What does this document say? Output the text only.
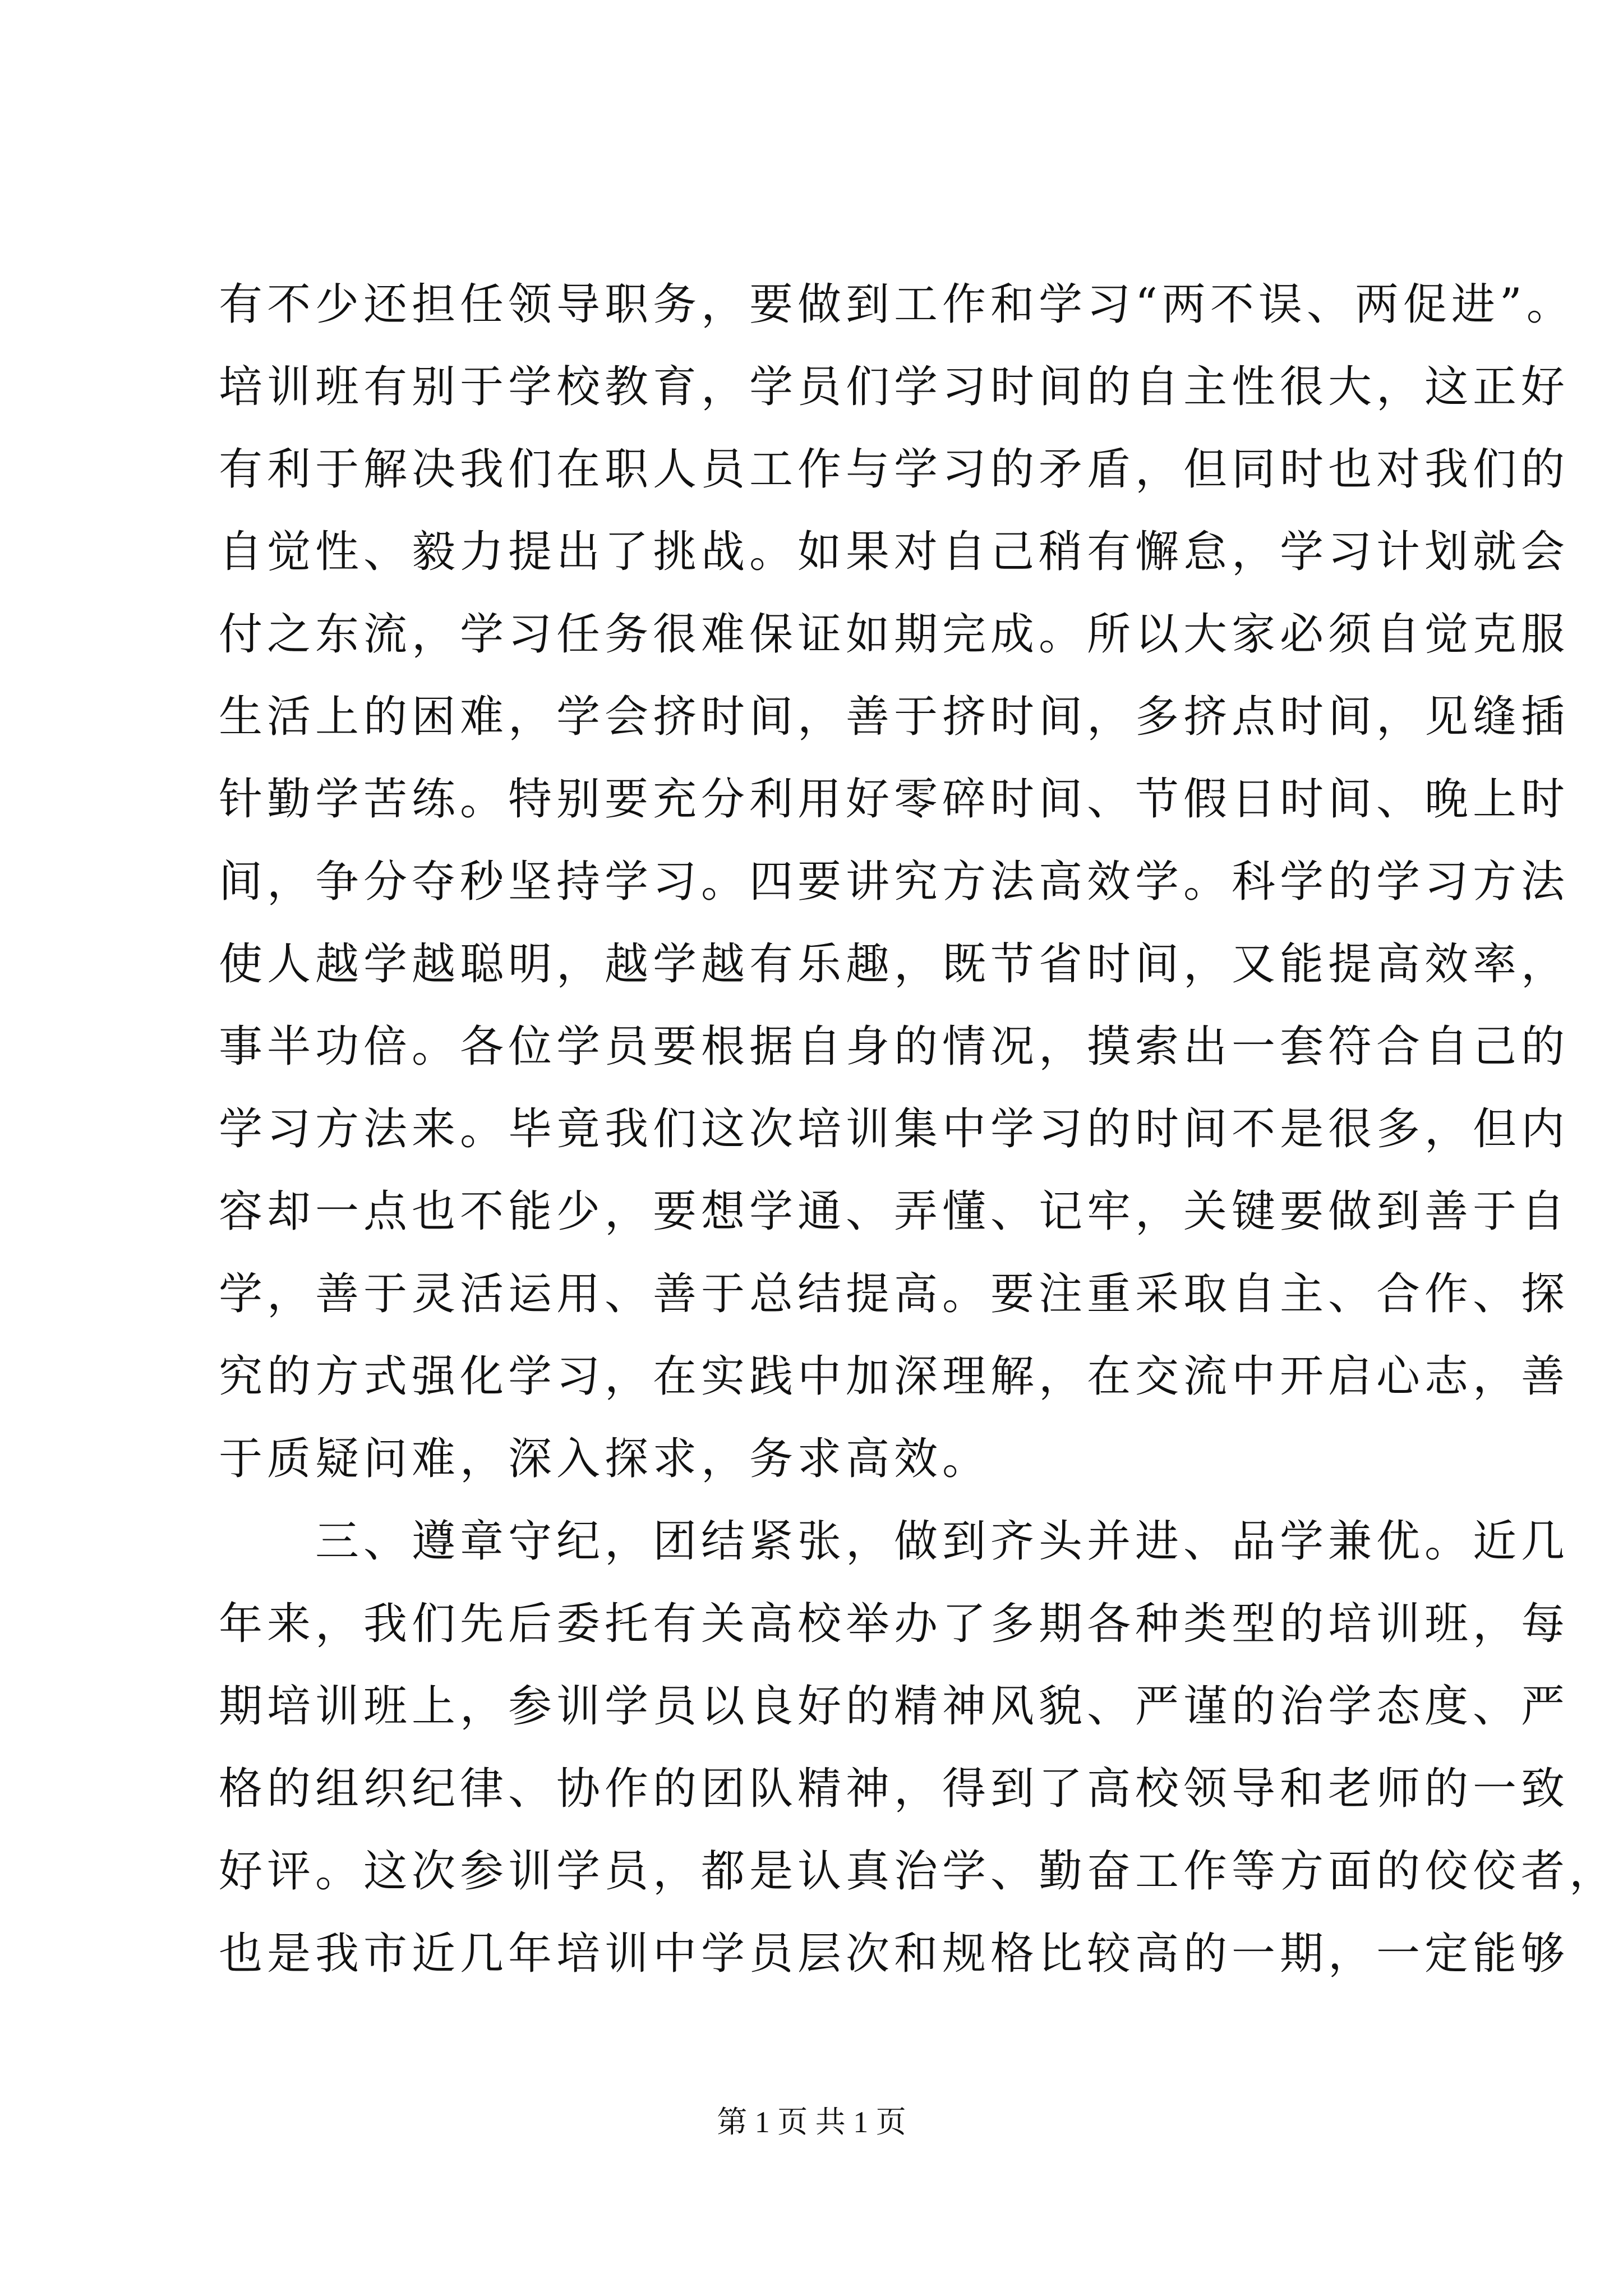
有不少还担任领导职务，要做到工作和学习“两不误、两促进”。
培训班有别于学校教育，学员们学习时间的自主性很大，这正好
有利于解决我们在职人员工作与学习的矛盾，但同时也对我们的
自觉性、毅力提出了挑战。如果对自己稍有懈怠，学习计划就会
付之东流，学习任务很难保证如期完成。所以大家必须自觉克服
生活上的困难，学会挤时间，善于挤时间，多挤点时间，见缝插
针勤学苦练。特别要充分利用好零碎时间、节假日时间、晚上时
间，争分夺秒坚持学习。四要讲究方法高效学。科学的学习方法
使人越学越聪明，越学越有乐趣，既节省时间，又能提高效率，
事半功倍。各位学员要根据自身的情况，摸索出一套符合自己的
学习方法来。毕竟我们这次培训集中学习的时间不是很多，但内
容却一点也不能少，要想学通、弄懂、记牢，关键要做到善于自
学，善于灵活运用、善于总结提高。要注重采取自主、合作、探
究的方式强化学习，在实践中加深理解，在交流中开启心志，善
于质疑问难，深入探求，务求高效。
　　三、遵章守纪，团结紧张，做到齐头并进、品学兼优。近几
年来，我们先后委托有关高校举办了多期各种类型的培训班，每
期培训班上，参训学员以良好的精神风貌、严谨的治学态度、严
格的组织纪律、协作的团队精神，得到了高校领导和老师的一致
好评。这次参训学员，都是认真治学、勤奋工作等方面的佼佼者，
也是我市近几年培训中学员层次和规格比较高的一期，一定能够
第 1 页 共 1 页
